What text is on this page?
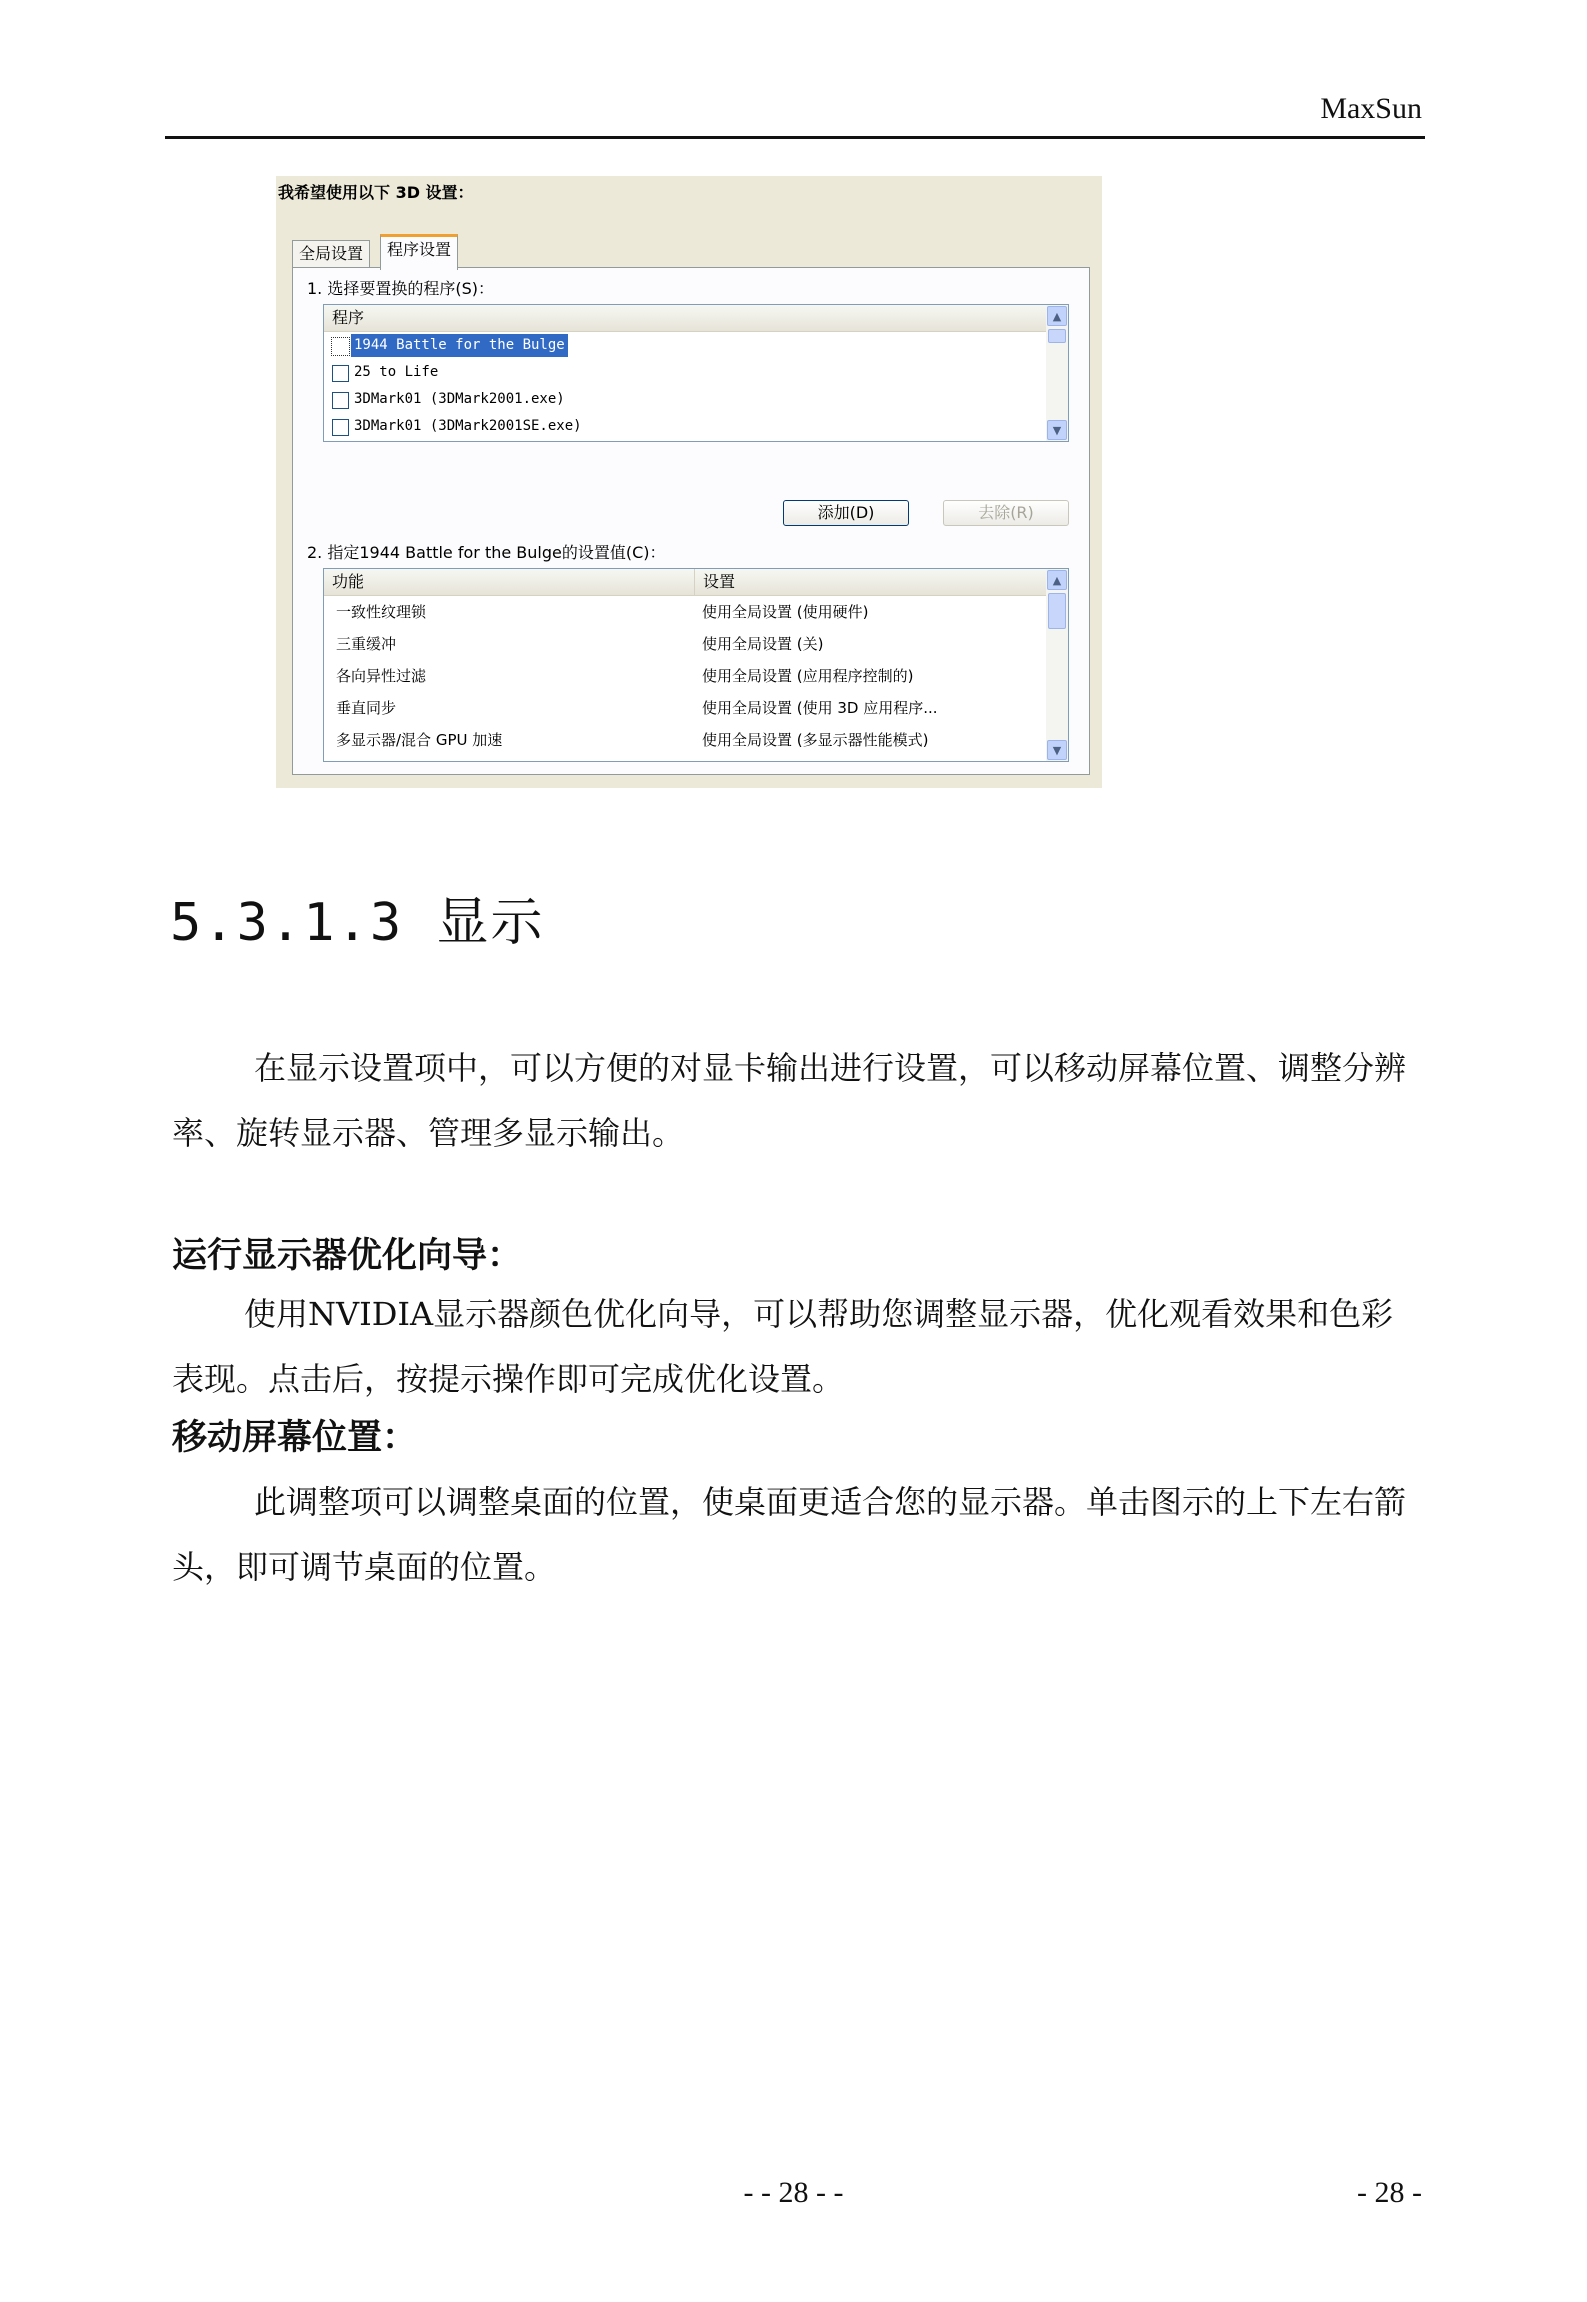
MaxSun
我希望使用以下 3D 设置：
全局设置	程序设置
1. 选择要置换的程序(S)：
程序
1944 Battle for the Bulge
25 to Life
3DMark01 (3DMark2001.exe)
3DMark01 (3DMark2001SE.exe)
▲
▼
添加(D)	去除(R)
2. 指定1944 Battle for the Bulge的设置值(C)：
功能	设置
一致性纹理锁	使用全局设置 (使用硬件)
三重缓冲	使用全局设置 (关)
各向异性过滤	使用全局设置 (应用程序控制的)
垂直同步	使用全局设置 (使用 3D 应用程序...
多显示器/混合 GPU 加速	使用全局设置 (多显示器性能模式)
▲
▼
5.3.1.3 显示
在显示设置项中，可以方便的对显卡输出进行设置，可以移动屏幕位置、调整分辨率、旋转显示器、管理多显示输出。
运行显示器优化向导：
使用NVIDIA显示器颜色优化向导，可以帮助您调整显示器，优化观看效果和色彩表现。点击后，按提示操作即可完成优化设置。
移动屏幕位置：
此调整项可以调整桌面的位置，使桌面更适合您的显示器。单击图示的上下左右箭头，即可调节桌面的位置。
- - 28 - -	- 28 -
